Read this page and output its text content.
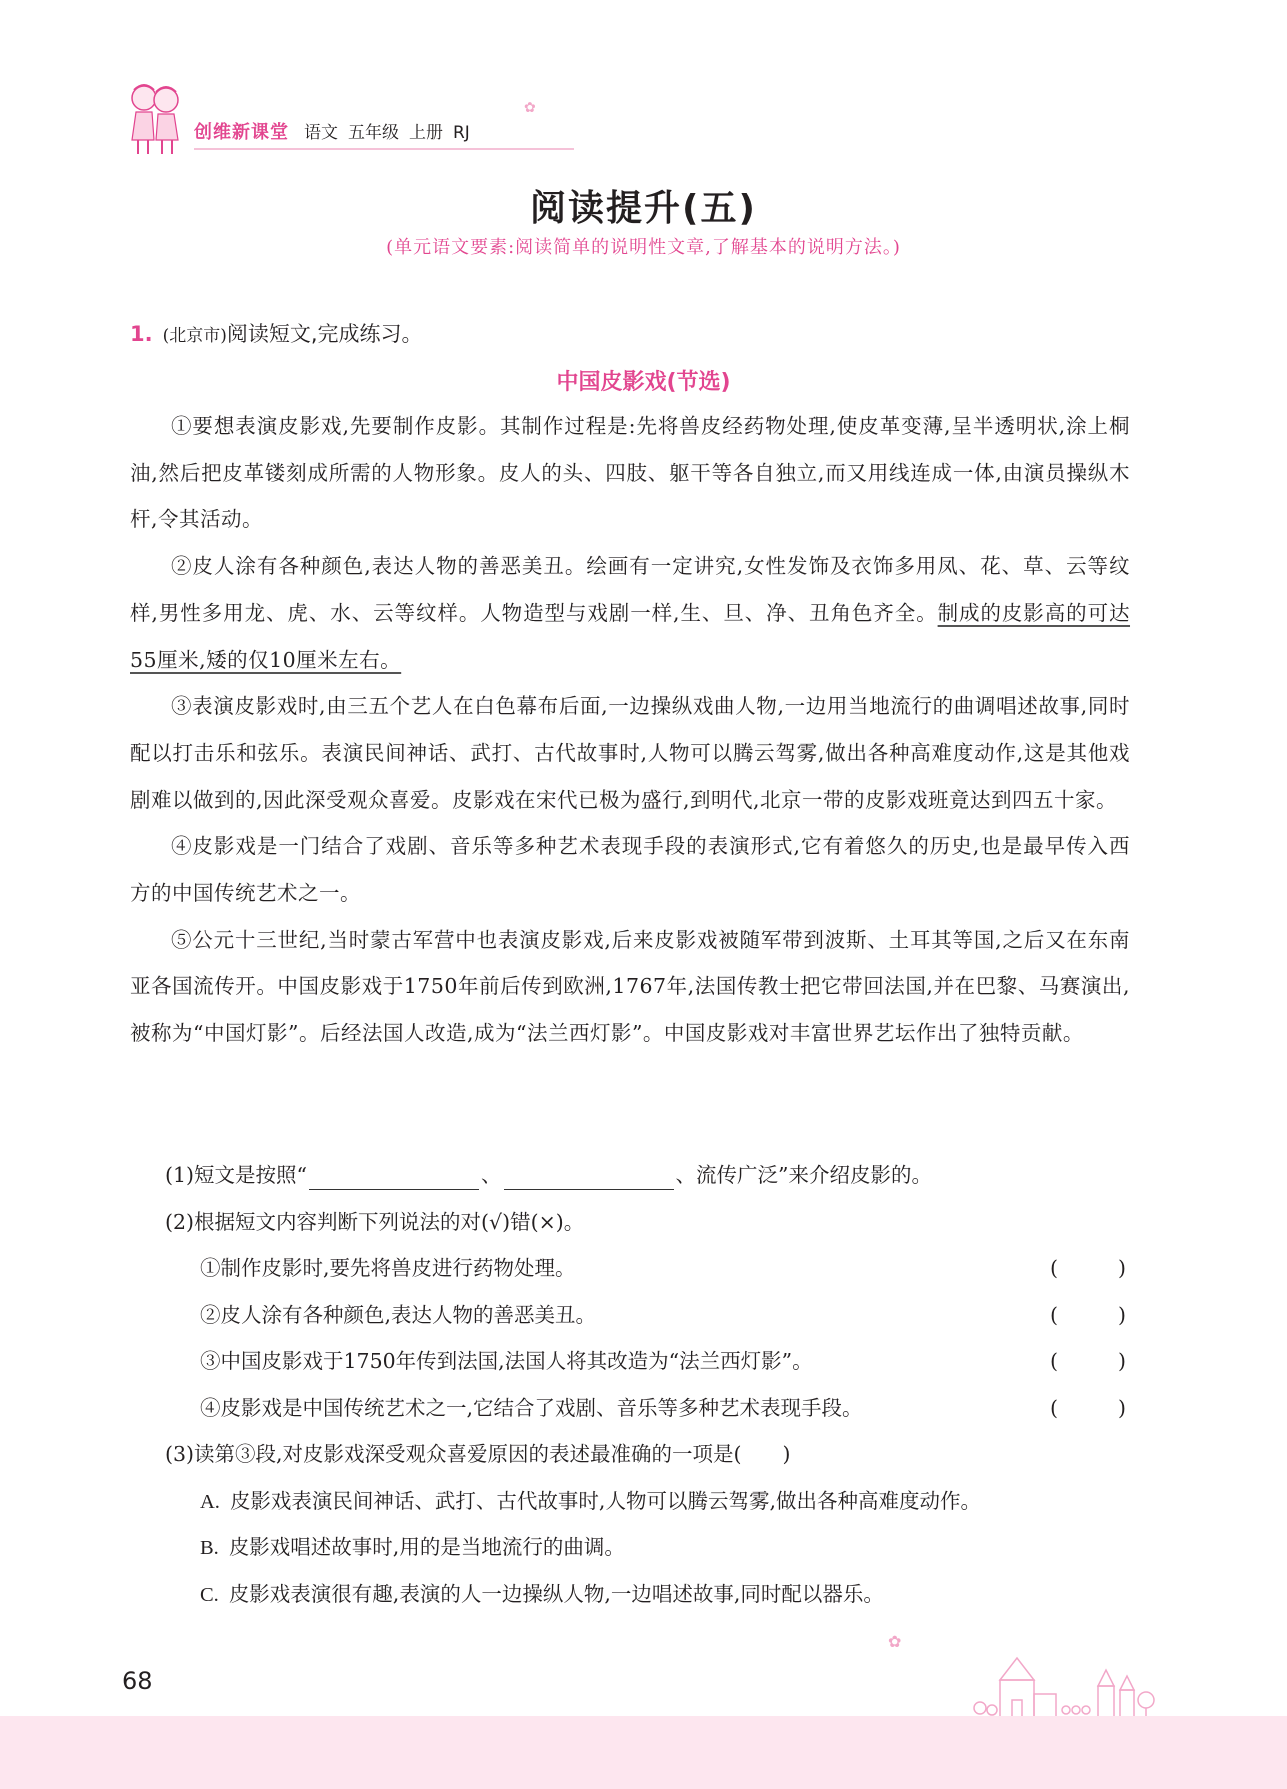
创维新课堂 语文 五年级 上册 RJ
✿
阅读提升(五)
(单元语文要素:阅读简单的说明性文章,了解基本的说明方法。)
1. (北京市)阅读短文,完成练习。
中国皮影戏(节选)

①要想表演皮影戏,先要制作皮影。其制作过程是:先将兽皮经药物处理,使皮革变薄,呈半透明状,涂上桐油,然后把皮革镂刻成所需的人物形象。皮人的头、四肢、躯干等各自独立,而又用线连成一体,由演员操纵木杆,令其活动。

②皮人涂有各种颜色,表达人物的善恶美丑。绘画有一定讲究,女性发饰及衣饰多用凤、花、草、云等纹样,男性多用龙、虎、水、云等纹样。人物造型与戏剧一样,生、旦、净、丑角色齐全。制成的皮影高的可达55厘米,矮的仅10厘米左右。

③表演皮影戏时,由三五个艺人在白色幕布后面,一边操纵戏曲人物,一边用当地流行的曲调唱述故事,同时配以打击乐和弦乐。表演民间神话、武打、古代故事时,人物可以腾云驾雾,做出各种高难度动作,这是其他戏剧难以做到的,因此深受观众喜爱。皮影戏在宋代已极为盛行,到明代,北京一带的皮影戏班竟达到四五十家。

④皮影戏是一门结合了戏剧、音乐等多种艺术表现手段的表演形式,它有着悠久的历史,也是最早传入西方的中国传统艺术之一。

⑤公元十三世纪,当时蒙古军营中也表演皮影戏,后来皮影戏被随军带到波斯、土耳其等国,之后又在东南亚各国流传开。中国皮影戏于1750年前后传到欧洲,1767年,法国传教士把它带回法国,并在巴黎、马赛演出,被称为“中国灯影”。后经法国人改造,成为“法兰西灯影”。中国皮影戏对丰富世界艺坛作出了独特贡献。

(1)短文是按照“	、	、流传广泛”来介绍皮影的。
(2)根据短文内容判断下列说法的对(√)错(×)。
①制作皮影时,要先将兽皮进行药物处理。	(	)
②皮人涂有各种颜色,表达人物的善恶美丑。	(	)
③中国皮影戏于1750年传到法国,法国人将其改造为“法兰西灯影”。	(	)
④皮影戏是中国传统艺术之一,它结合了戏剧、音乐等多种艺术表现手段。	(	)
(3)读第③段,对皮影戏深受观众喜爱原因的表述最准确的一项是(　　)
A. 皮影戏表演民间神话、武打、古代故事时,人物可以腾云驾雾,做出各种高难度动作。
B. 皮影戏唱述故事时,用的是当地流行的曲调。
C. 皮影戏表演很有趣,表演的人一边操纵人物,一边唱述故事,同时配以器乐。
68
✿
